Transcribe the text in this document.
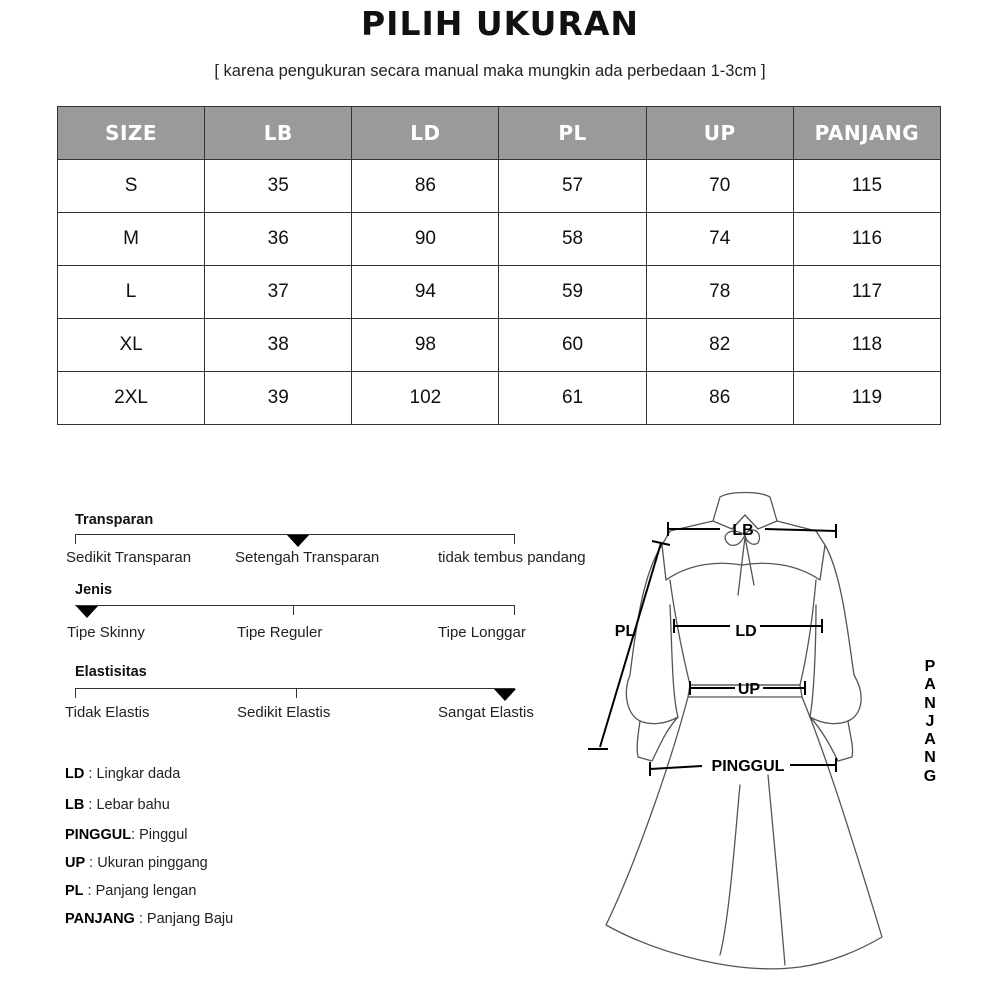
PILIH UKURAN
[ karena pengukuran secara manual maka mungkin ada perbedaan 1-3cm ]
SIZE	LB	LD	PL	UP	PANJANG
S	35	86	57	70	115
M	36	90	58	74	116
L	37	94	59	78	117
XL	38	98	60	82	118
2XL	39	102	61	86	119
Transparan
Sedikit Transparan	Setengah Transparan	tidak tembus pandang
Jenis
Tipe Skinny	Tipe Reguler	Tipe Longgar
Elastisitas
Tidak Elastis	Sedikit Elastis	Sangat Elastis
LD : Lingkar dada
LB : Lebar bahu
PINGGUL: Pinggul
UP : Ukuran pinggang
PL : Panjang lengan
PANJANG : Panjang Baju
LB
PL	LD
UP
PINGGUL
P
A
N
J
A
N
G
